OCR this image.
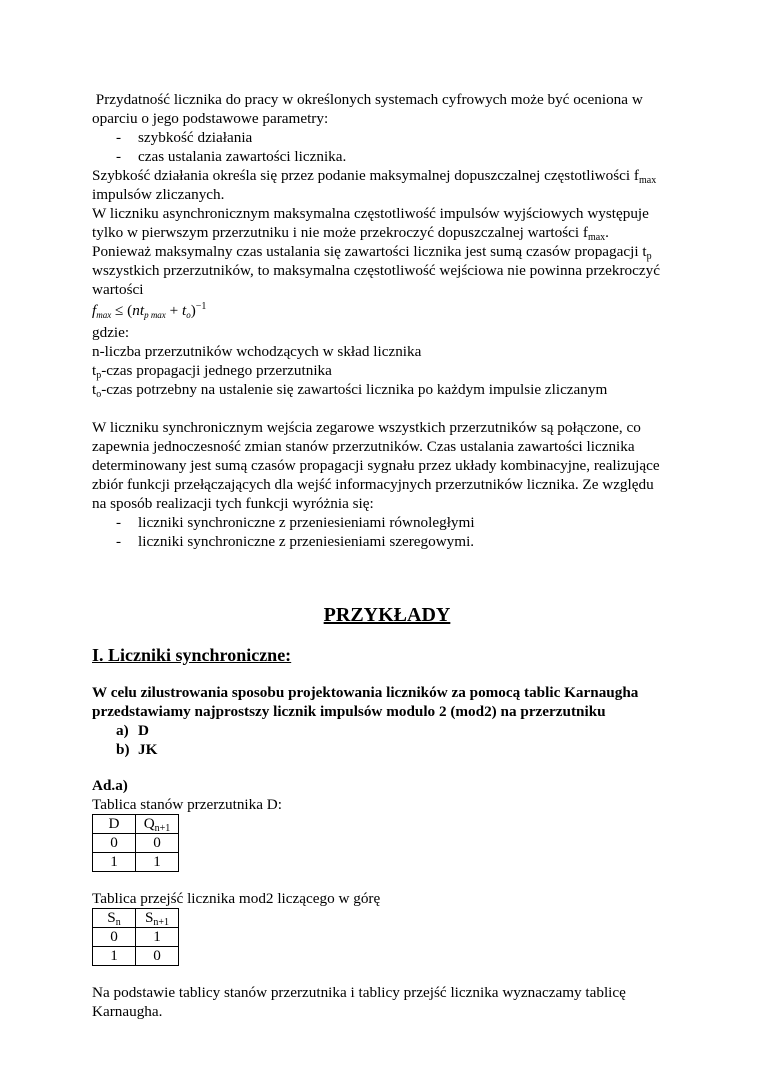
Przydatność licznika do pracy w określonych systemach cyfrowych może być oceniona w

oparciu o jego podstawowe parametry:

- szybkość działania
- czas ustalania zawartości licznika.

Szybkość działania określa się przez podanie maksymalnej dopuszczalnej częstotliwości $f_{max}$

impulsów zliczanych.

W liczniku asynchronicznym maksymalna częstotliwość impulsów wyjściowych występuje

tylko w pierwszym przerzutniku i nie może przekroczyć dopuszczalnej wartości $f_{max}$.

Ponieważ maksymalny czas ustalania się zawartości licznika jest sumą czasów propagacji $t_p$

wszystkich przerzutników, to maksymalna częstotliwość wejściowa nie powinna przekroczyć

wartości

$f_{max} \le (nt_{p max} + t_o)^{-1}$

gdzie:

n-liczba przerzutników wchodzących w skład licznika

$t_p$-czas propagacji jednego przerzutnika

$t_o$-czas potrzebny na ustalenie się zawartości licznika po każdym impulsie zliczanym

W liczniku synchronicznym wejścia zegarowe wszystkich przerzutników są połączone, co

zapewnia jednoczesność zmian stanów przerzutników. Czas ustalania zawartości licznika

determinowany jest sumą czasów propagacji sygnału przez układy kombinacyjne, realizujące

zbiór funkcji przełączających dla wejść informacyjnych przerzutników licznika. Ze względu

na sposób realizacji tych funkcji wyróżnia się:

- liczniki synchroniczne z przeniesieniami równoległymi
- liczniki synchroniczne z przeniesieniami szeregowymi.

PRZYKŁADY

I. Liczniki synchroniczne:

W celu zilustrowania sposobu projektowania liczników za pomocą tablic Karnaugha

przedstawiamy najprostszy licznik impulsów modulo 2 (mod2) na przerzutniku

a) D
b) JK

Ad.a)

Tablica stanów przerzutnika D:

D	$Q_{n+1}$
0	0
1	1

Tablica przejść licznika mod2 liczącego w górę

$S_n$	$S_{n+1}$
0	1
1	0

Na podstawie tablicy stanów przerzutnika i tablicy przejść licznika wyznaczamy tablicę

Karnaugha.
